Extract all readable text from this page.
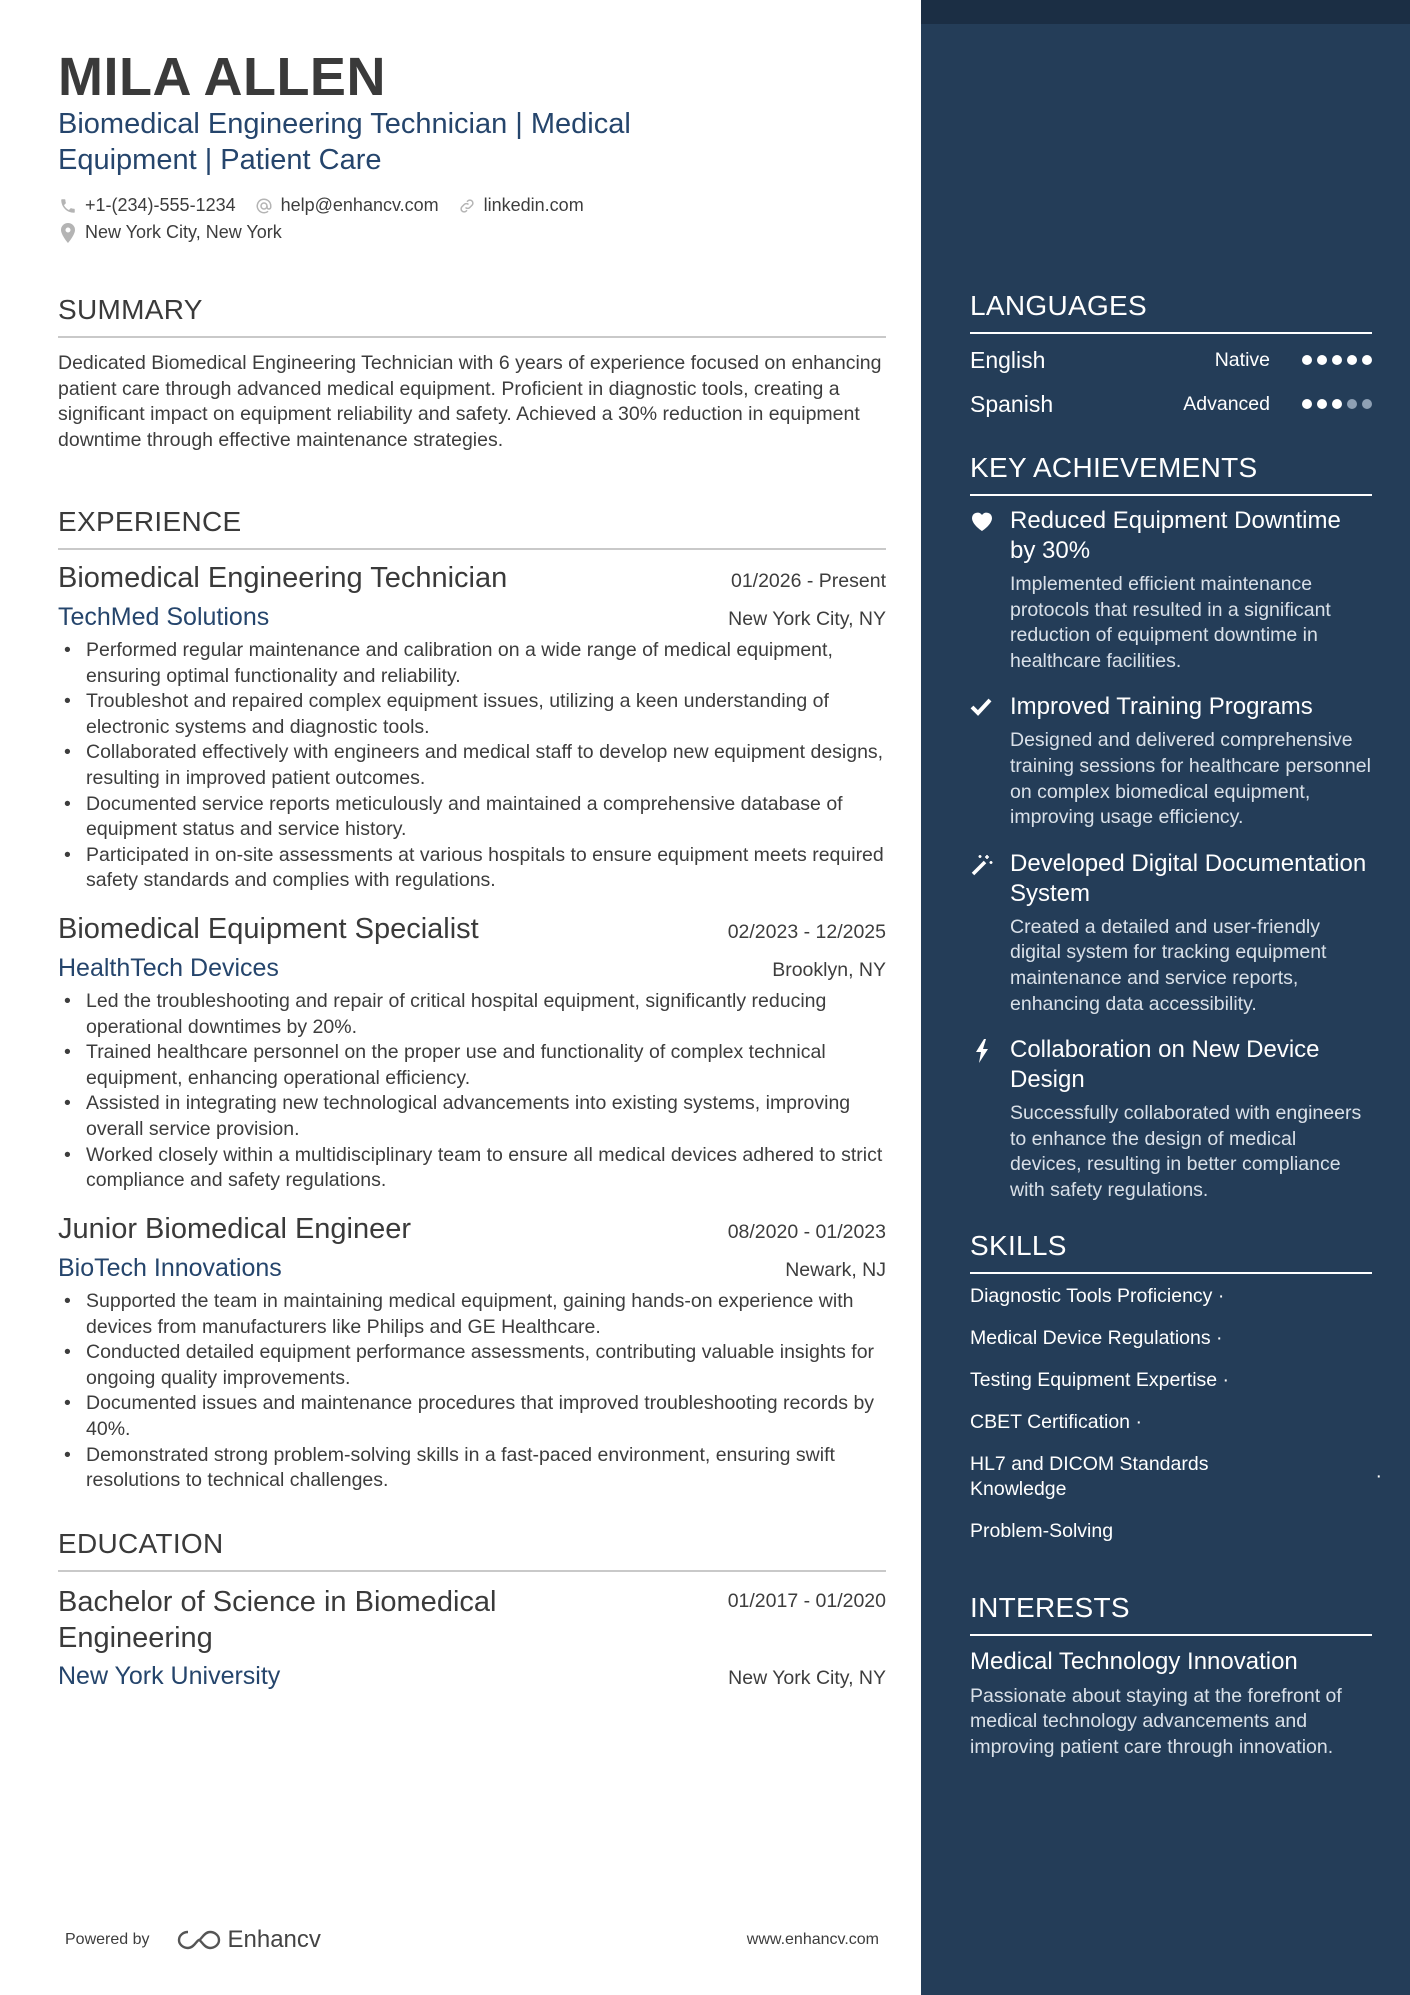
MILA ALLEN
Biomedical Engineering Technician | Medical
Equipment | Patient Care
+1-(234)-555-1234	help@enhancv.com	linkedin.com
New York City, New York
SUMMARY
Dedicated Biomedical Engineering Technician with 6 years of experience focused on enhancing patient care through advanced medical equipment. Proficient in diagnostic tools, creating a significant impact on equipment reliability and safety. Achieved a 30% reduction in equipment downtime through effective maintenance strategies.
EXPERIENCE
Biomedical Engineering Technician	01/2026 - Present
TechMed Solutions	New York City, NY
• Performed regular maintenance and calibration on a wide range of medical equipment, ensuring optimal functionality and reliability.
• Troubleshot and repaired complex equipment issues, utilizing a keen understanding of electronic systems and diagnostic tools.
• Collaborated effectively with engineers and medical staff to develop new equipment designs, resulting in improved patient outcomes.
• Documented service reports meticulously and maintained a comprehensive database of equipment status and service history.
• Participated in on-site assessments at various hospitals to ensure equipment meets required safety standards and complies with regulations.
Biomedical Equipment Specialist	02/2023 - 12/2025
HealthTech Devices	Brooklyn, NY
• Led the troubleshooting and repair of critical hospital equipment, significantly reducing operational downtimes by 20%.
• Trained healthcare personnel on the proper use and functionality of complex technical equipment, enhancing operational efficiency.
• Assisted in integrating new technological advancements into existing systems, improving overall service provision.
• Worked closely within a multidisciplinary team to ensure all medical devices adhered to strict compliance and safety regulations.
Junior Biomedical Engineer	08/2020 - 01/2023
BioTech Innovations	Newark, NJ
• Supported the team in maintaining medical equipment, gaining hands-on experience with devices from manufacturers like Philips and GE Healthcare.
• Conducted detailed equipment performance assessments, contributing valuable insights for ongoing quality improvements.
• Documented issues and maintenance procedures that improved troubleshooting records by 40%.
• Demonstrated strong problem-solving skills in a fast-paced environment, ensuring swift resolutions to technical challenges.
EDUCATION
Bachelor of Science in Biomedical
Engineering
01/2017 - 01/2020
New York University	New York City, NY
Powered by	Enhancv	www.enhancv.com
LANGUAGES
English	Native
Spanish	Advanced
KEY ACHIEVEMENTS
Reduced Equipment Downtime by 30%
Implemented efficient maintenance protocols that resulted in a significant reduction of equipment downtime in healthcare facilities.
Improved Training Programs
Designed and delivered comprehensive training sessions for healthcare personnel on complex biomedical equipment, improving usage efficiency.
Developed Digital Documentation System
Created a detailed and user-friendly digital system for tracking equipment maintenance and service reports, enhancing data accessibility.
Collaboration on New Device Design
Successfully collaborated with engineers to enhance the design of medical devices, resulting in better compliance with safety regulations.
SKILLS
Diagnostic Tools Proficiency ·
Medical Device Regulations ·
Testing Equipment Expertise ·
CBET Certification ·
HL7 and DICOM Standards Knowledge
·
Problem-Solving
INTERESTS
Medical Technology Innovation
Passionate about staying at the forefront of medical technology advancements and improving patient care through innovation.
